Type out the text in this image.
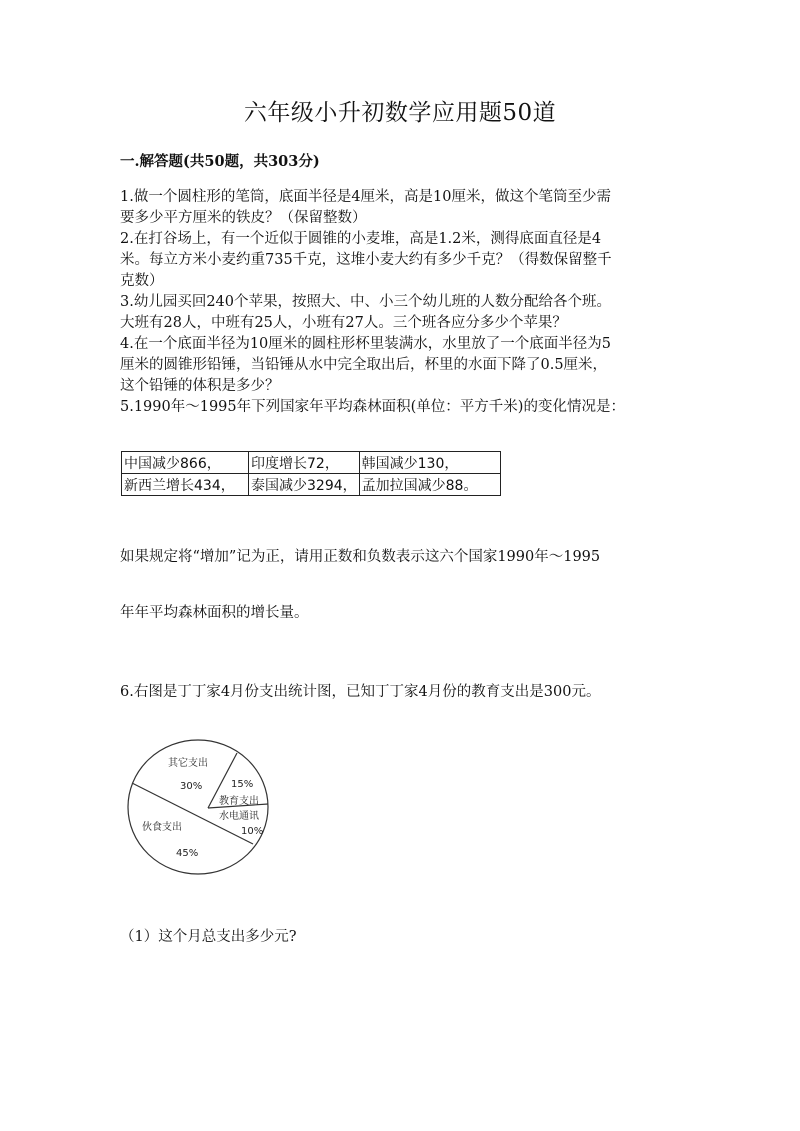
六年级小升初数学应用题50道
一.解答题(共50题，共303分)

1.做一个圆柱形的笔筒，底面半径是4厘米，高是10厘米，做这个笔筒至少需

要多少平方厘米的铁皮？（保留整数）

2.在打谷场上，有一个近似于圆锥的小麦堆，高是1.2米，测得底面直径是4

米。每立方米小麦约重735千克，这堆小麦大约有多少千克？（得数保留整千

克数）

3.幼儿园买回240个苹果，按照大、中、小三个幼儿班的人数分配给各个班。

大班有28人，中班有25人，小班有27人。三个班各应分多少个苹果？

4.在一个底面半径为10厘米的圆柱形杯里装满水，水里放了一个底面半径为5

厘米的圆锥形铅锤，当铅锤从水中完全取出后，杯里的水面下降了0.5厘米，

这个铅锤的体积是多少？

5.1990年～1995年下列国家年平均森林面积(单位：平方千米)的变化情况是：

中国减少866，	印度增长72，	韩国减少130，
新西兰增长434，	泰国减少3294，	孟加拉国减少88。

如果规定将“增加”记为正，请用正数和负数表示这六个国家1990年～1995

年年平均森林面积的增长量。

6.右图是丁丁家4月份支出统计图，已知丁丁家4月份的教育支出是300元。

其它支出
30%	15%
教育支出
水电通讯
10%
伙食支出
45%

（1）这个月总支出多少元?
